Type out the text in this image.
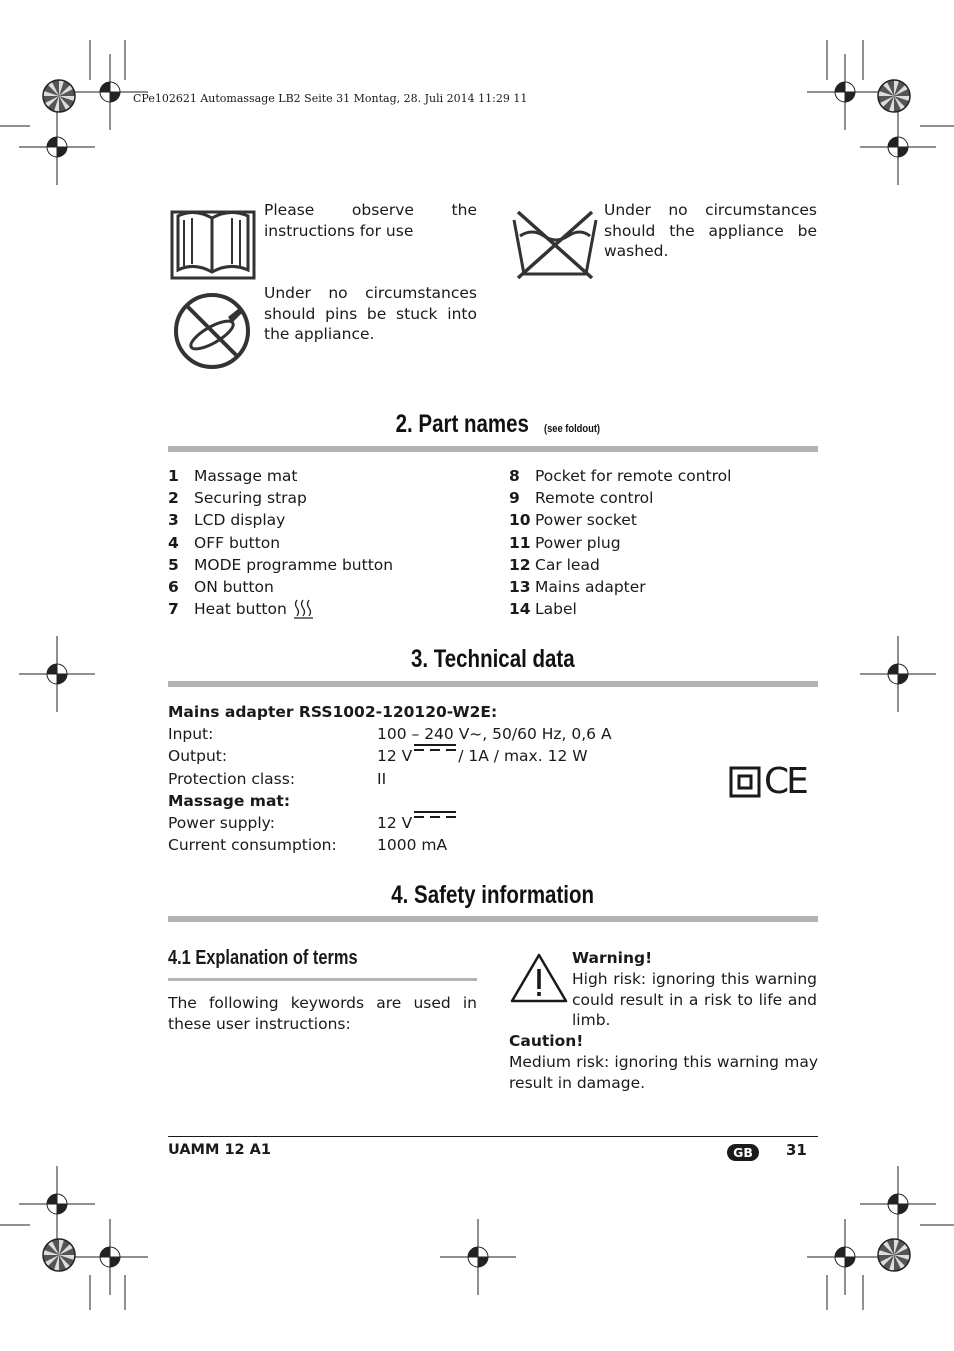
CPe102621 Automassage LB2 Seite 31 Montag, 28. Juli 2014 11:29 11
Please observe the instructions for use
Under no circumstances should the appliance be washed.
Under no circumstances should pins be stuck into the appliance.
2. Part names (see foldout)
1 Massage mat
2 Securing strap
3 LCD display
4 OFF button
5 MODE programme button
6 ON button
7 Heat button
8 Pocket for remote control
9 Remote control
10 Power socket
11 Power plug
12 Car lead
13 Mains adapter
14 Label
3. Technical data
Mains adapter RSS1002-120120-W2E:
Input:	100 – 240 V~, 50/60 Hz, 0,6 A
Output:	12 V	/ 1A / max. 12 W
Protection class:	II
Massage mat:
Power supply:	12 V
Current consumption:	1000 mA
CE
4. Safety information
4.1 Explanation of terms
The following keywords are used in these user instructions:
Warning!
High risk: ignoring this warning could result in a risk to life and limb.
Caution!
Medium risk: ignoring this warning may result in damage.
UAMM 12 A1	GB	31
